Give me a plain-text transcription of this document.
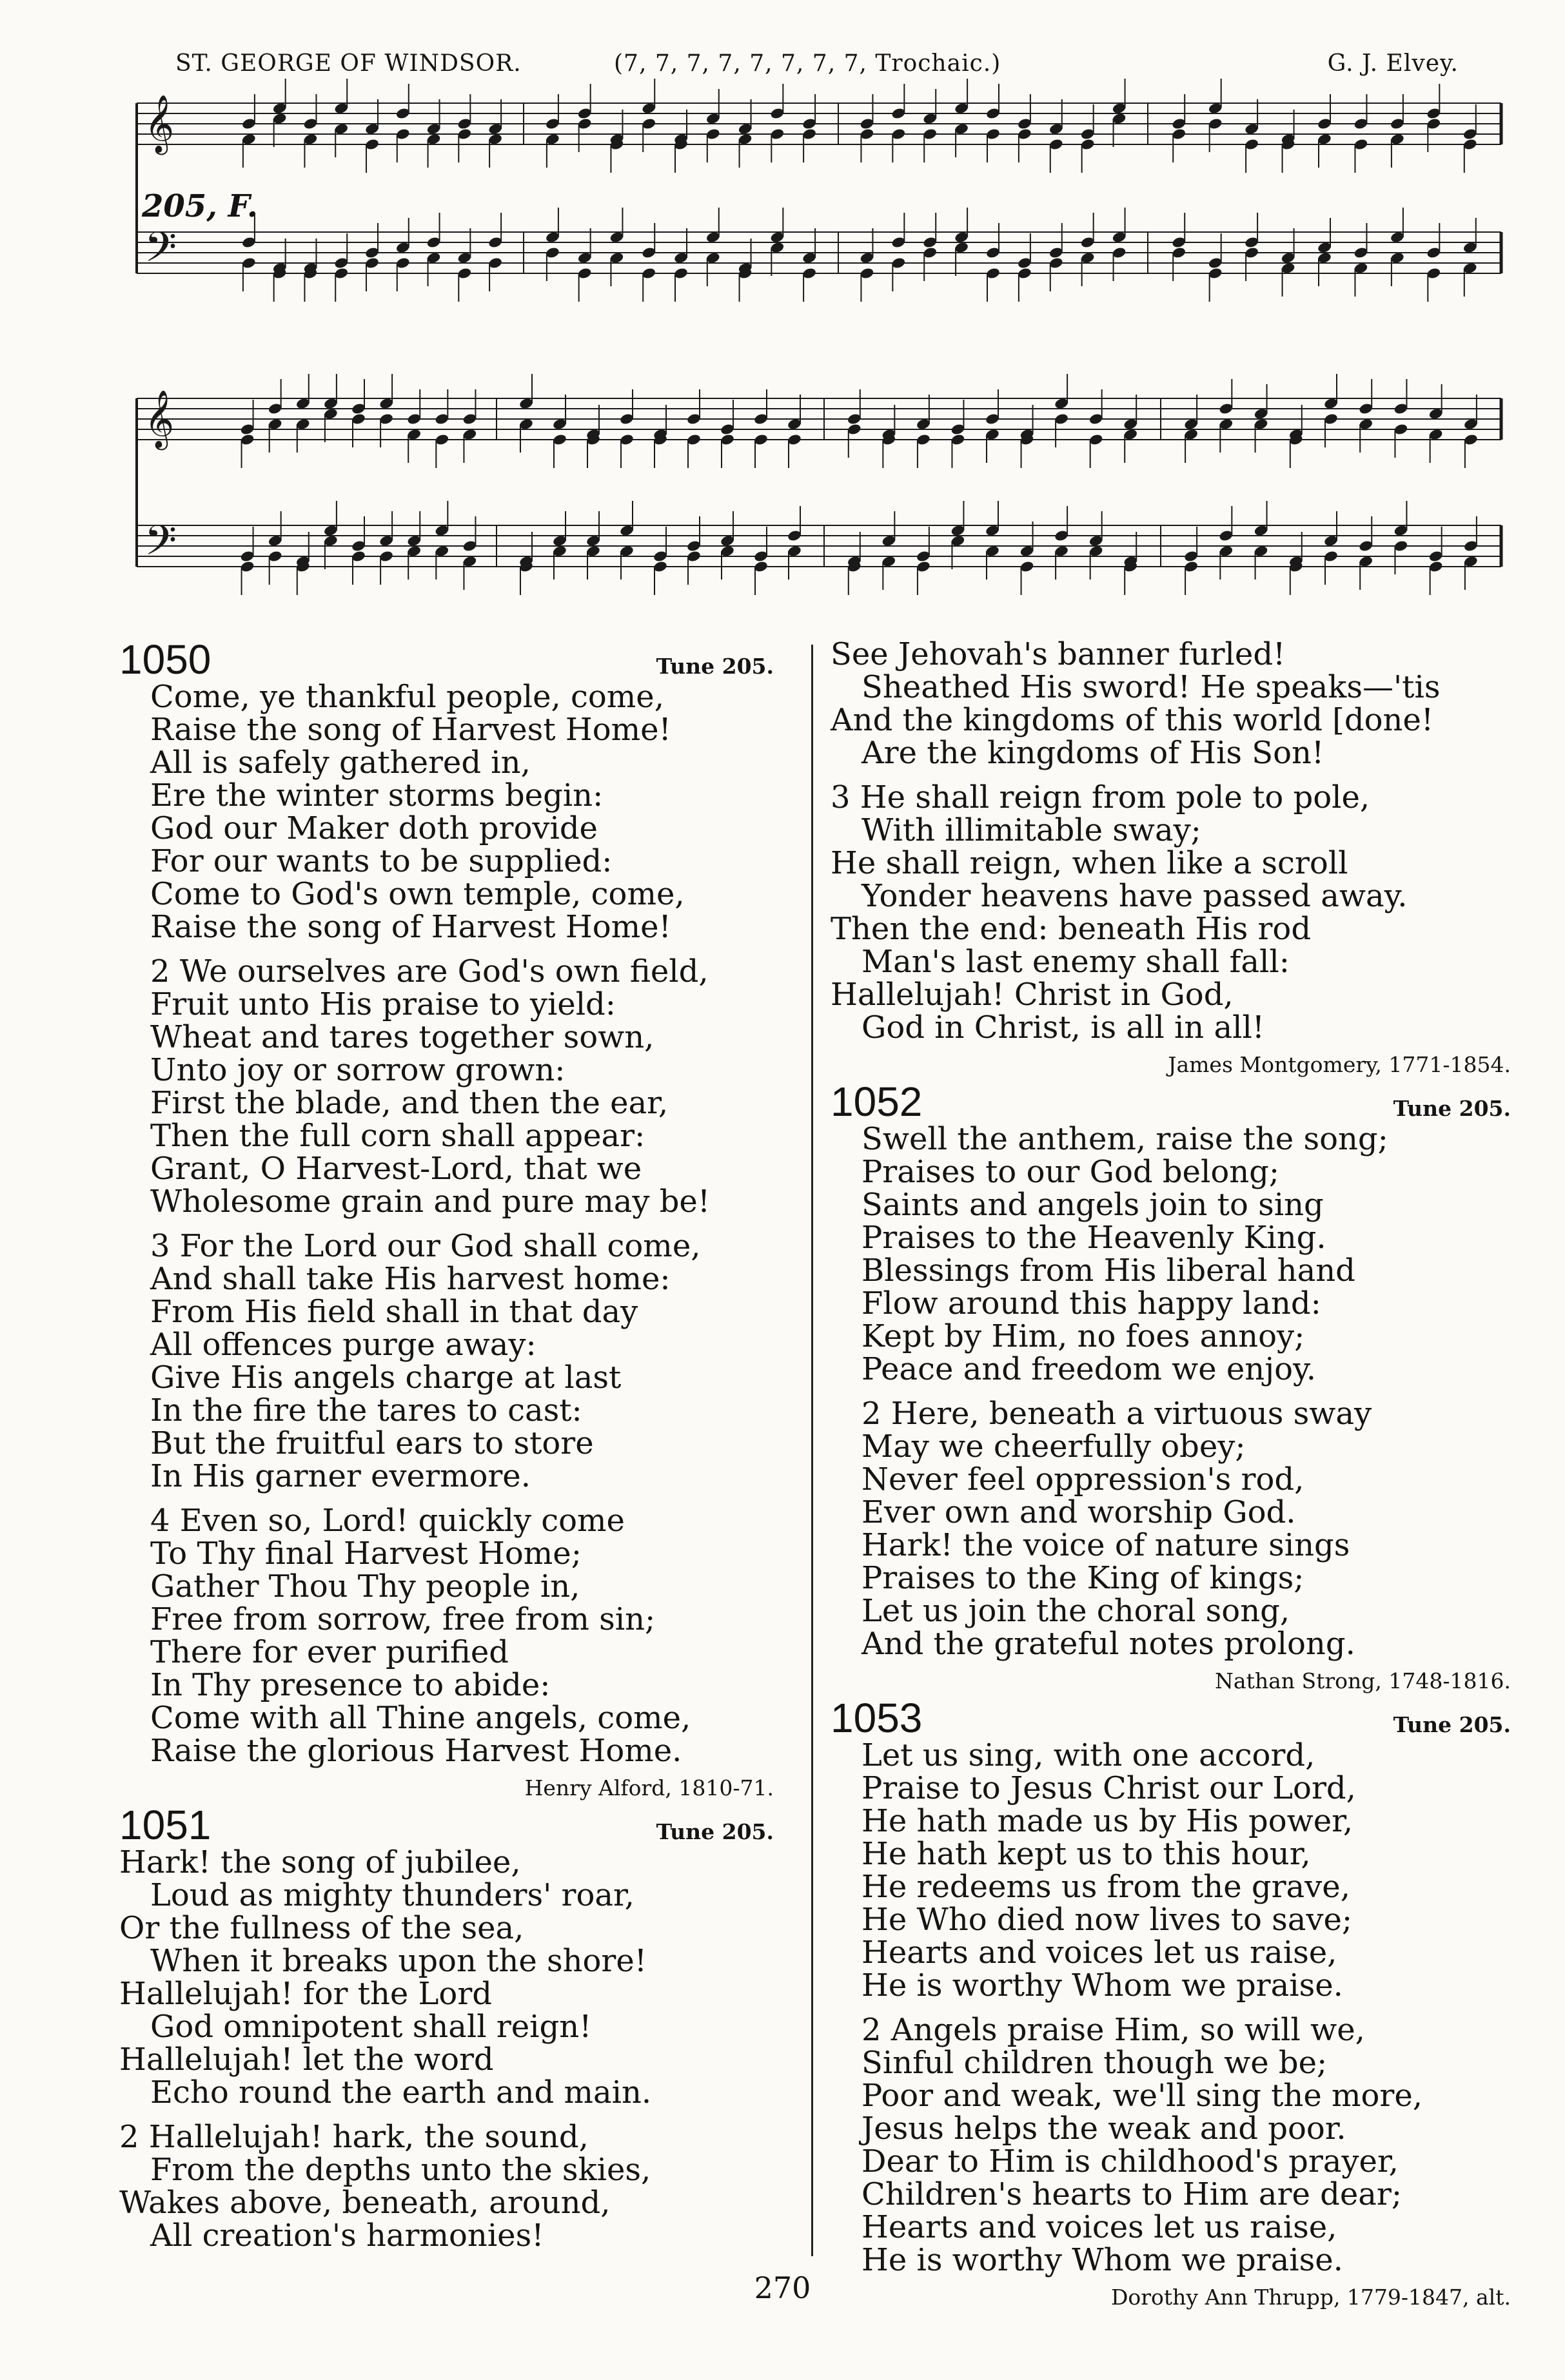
ST. GEORGE OF WINDSOR.	(7, 7, 7, 7, 7, 7, 7, 7, Trochaic.)	G. J. Elvey.
𝄞
𝄢
𝄞
𝄢
205, F.
1050	Tune 205.
Come, ye thankful people, come,
Raise the song of Harvest Home!
All is safely gathered in,
Ere the winter storms begin:
God our Maker doth provide
For our wants to be supplied:
Come to God's own temple, come,
Raise the song of Harvest Home!
2 We ourselves are God's own field,
Fruit unto His praise to yield:
Wheat and tares together sown,
Unto joy or sorrow grown:
First the blade, and then the ear,
Then the full corn shall appear:
Grant, O Harvest-Lord, that we
Wholesome grain and pure may be!
3 For the Lord our God shall come,
And shall take His harvest home:
From His field shall in that day
All offences purge away:
Give His angels charge at last
In the fire the tares to cast:
But the fruitful ears to store
In His garner evermore.
4 Even so, Lord! quickly come
To Thy final Harvest Home;
Gather Thou Thy people in,
Free from sorrow, free from sin;
There for ever purified
In Thy presence to abide:
Come with all Thine angels, come,
Raise the glorious Harvest Home.
Henry Alford, 1810-71.
1051	Tune 205.
Hark! the song of jubilee,
Loud as mighty thunders' roar,
Or the fullness of the sea,
When it breaks upon the shore!
Hallelujah! for the Lord
God omnipotent shall reign!
Hallelujah! let the word
Echo round the earth and main.
2 Hallelujah! hark, the sound,
From the depths unto the skies,
Wakes above, beneath, around,
All creation's harmonies!
See Jehovah's banner furled!
Sheathed His sword! He speaks—'tis
And the kingdoms of this world [done!
Are the kingdoms of His Son!
3 He shall reign from pole to pole,
With illimitable sway;
He shall reign, when like a scroll
Yonder heavens have passed away.
Then the end: beneath His rod
Man's last enemy shall fall:
Hallelujah! Christ in God,
God in Christ, is all in all!
James Montgomery, 1771-1854.
1052	Tune 205.
Swell the anthem, raise the song;
Praises to our God belong;
Saints and angels join to sing
Praises to the Heavenly King.
Blessings from His liberal hand
Flow around this happy land:
Kept by Him, no foes annoy;
Peace and freedom we enjoy.
2 Here, beneath a virtuous sway
May we cheerfully obey;
Never feel oppression's rod,
Ever own and worship God.
Hark! the voice of nature sings
Praises to the King of kings;
Let us join the choral song,
And the grateful notes prolong.
Nathan Strong, 1748-1816.
1053	Tune 205.
Let us sing, with one accord,
Praise to Jesus Christ our Lord,
He hath made us by His power,
He hath kept us to this hour,
He redeems us from the grave,
He Who died now lives to save;
Hearts and voices let us raise,
He is worthy Whom we praise.
2 Angels praise Him, so will we,
Sinful children though we be;
Poor and weak, we'll sing the more,
Jesus helps the weak and poor.
Dear to Him is childhood's prayer,
Children's hearts to Him are dear;
Hearts and voices let us raise,
He is worthy Whom we praise.
Dorothy Ann Thrupp, 1779-1847, alt.
270
